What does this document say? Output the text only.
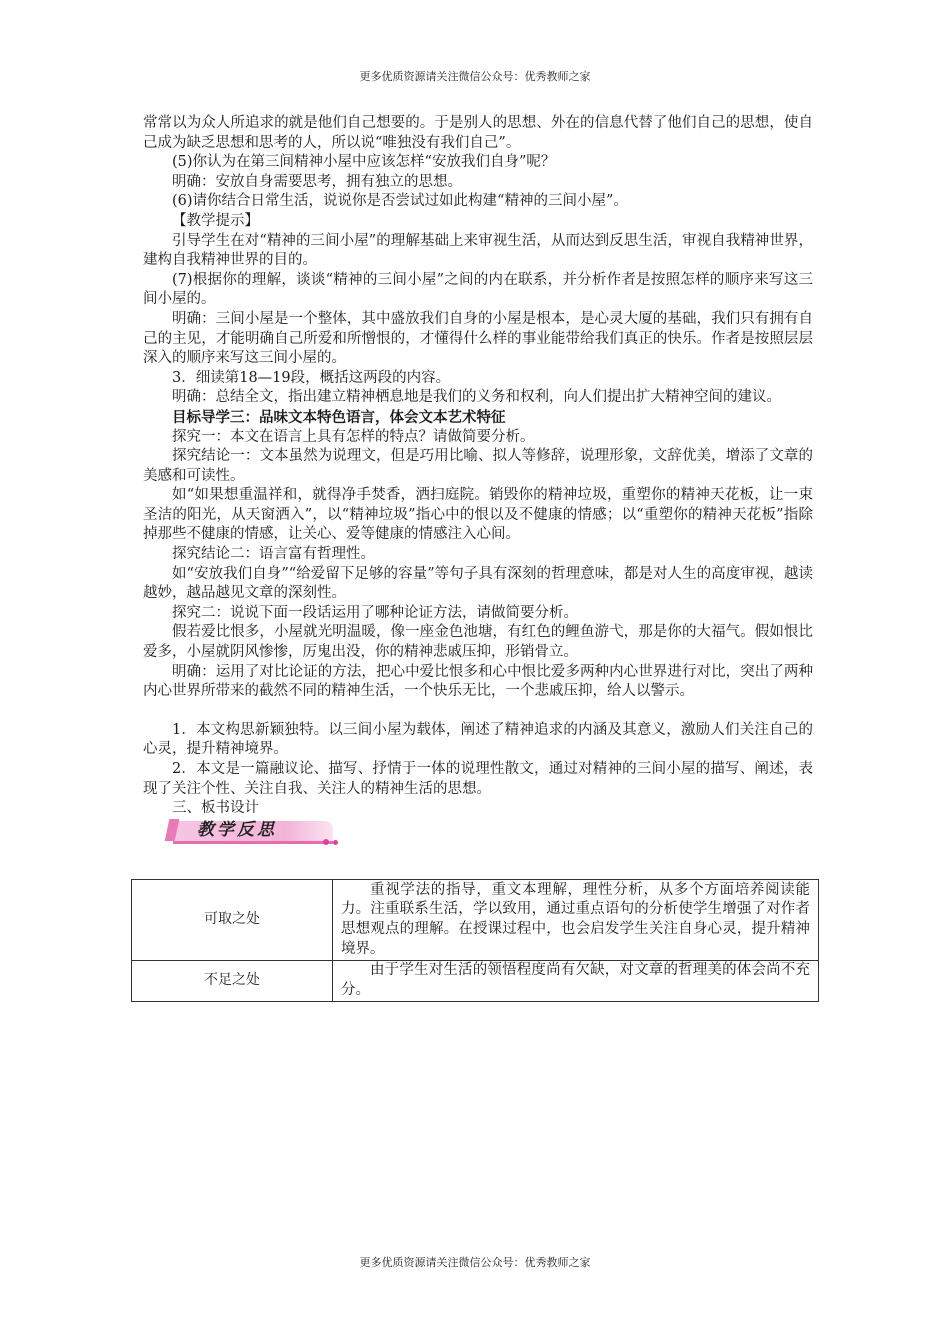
更多优质资源请关注微信公众号：优秀教师之家

常常以为众人所追求的就是他们自己想要的。于是别人的思想、外在的信息代替了他们自己的思想，使自己成为缺乏思想和思考的人，所以说“唯独没有我们自己”。

(5)你认为在第三间精神小屋中应该怎样“安放我们自身”呢？

明确：安放自身需要思考，拥有独立的思想。

(6)请你结合日常生活，说说你是否尝试过如此构建“精神的三间小屋”。

【教学提示】

引导学生在对“精神的三间小屋”的理解基础上来审视生活，从而达到反思生活，审视自我精神世界，建构自我精神世界的目的。

(7)根据你的理解，谈谈“精神的三间小屋”之间的内在联系，并分析作者是按照怎样的顺序来写这三间小屋的。

明确：三间小屋是一个整体，其中盛放我们自身的小屋是根本，是心灵大厦的基础，我们只有拥有自己的主见，才能明确自己所爱和所憎恨的，才懂得什么样的事业能带给我们真正的快乐。作者是按照层层深入的顺序来写这三间小屋的。

3．细读第18—19段，概括这两段的内容。

明确：总结全文，指出建立精神栖息地是我们的义务和权利，向人们提出扩大精神空间的建议。

目标导学三：品味文本特色语言，体会文本艺术特征

探究一：本文在语言上具有怎样的特点？请做简要分析。

探究结论一：文本虽然为说理文，但是巧用比喻、拟人等修辞，说理形象，文辞优美，增添了文章的美感和可读性。

如“如果想重温祥和，就得净手焚香，洒扫庭院。销毁你的精神垃圾，重塑你的精神天花板，让一束圣洁的阳光，从天窗洒入”，以“精神垃圾”指心中的恨以及不健康的情感；以“重塑你的精神天花板”指除掉那些不健康的情感，让关心、爱等健康的情感注入心间。

探究结论二：语言富有哲理性。

如“安放我们自身”“给爱留下足够的容量”等句子具有深刻的哲理意味，都是对人生的高度审视，越读越妙，越品越见文章的深刻性。

探究二：说说下面一段话运用了哪种论证方法，请做简要分析。

假若爱比恨多，小屋就光明温暖，像一座金色池塘，有红色的鲤鱼游弋，那是你的大福气。假如恨比爱多，小屋就阴风惨惨，厉鬼出没，你的精神悲戚压抑，形销骨立。

明确：运用了对比论证的方法，把心中爱比恨多和心中恨比爱多两种内心世界进行对比，突出了两种内心世界所带来的截然不同的精神生活，一个快乐无比，一个悲戚压抑，给人以警示。

1．本文构思新颖独特。以三间小屋为载体，阐述了精神追求的内涵及其意义，激励人们关注自己的心灵，提升精神境界。

2．本文是一篇融议论、描写、抒情于一体的说理性散文，通过对精神的三间小屋的描写、阐述，表现了关注个性、关注自我、关注人的精神生活的思想。

三、板书设计

教学反思
可取之处	重视学法的指导，重文本理解，理性分析，从多个方面培养阅读能力。注重联系生活，学以致用，通过重点语句的分析使学生增强了对作者思想观点的理解。在授课过程中，也会启发学生关注自身心灵，提升精神境界。

不足之处	由于学生对生活的领悟程度尚有欠缺，对文章的哲理美的体会尚不充分。

更多优质资源请关注微信公众号：优秀教师之家
